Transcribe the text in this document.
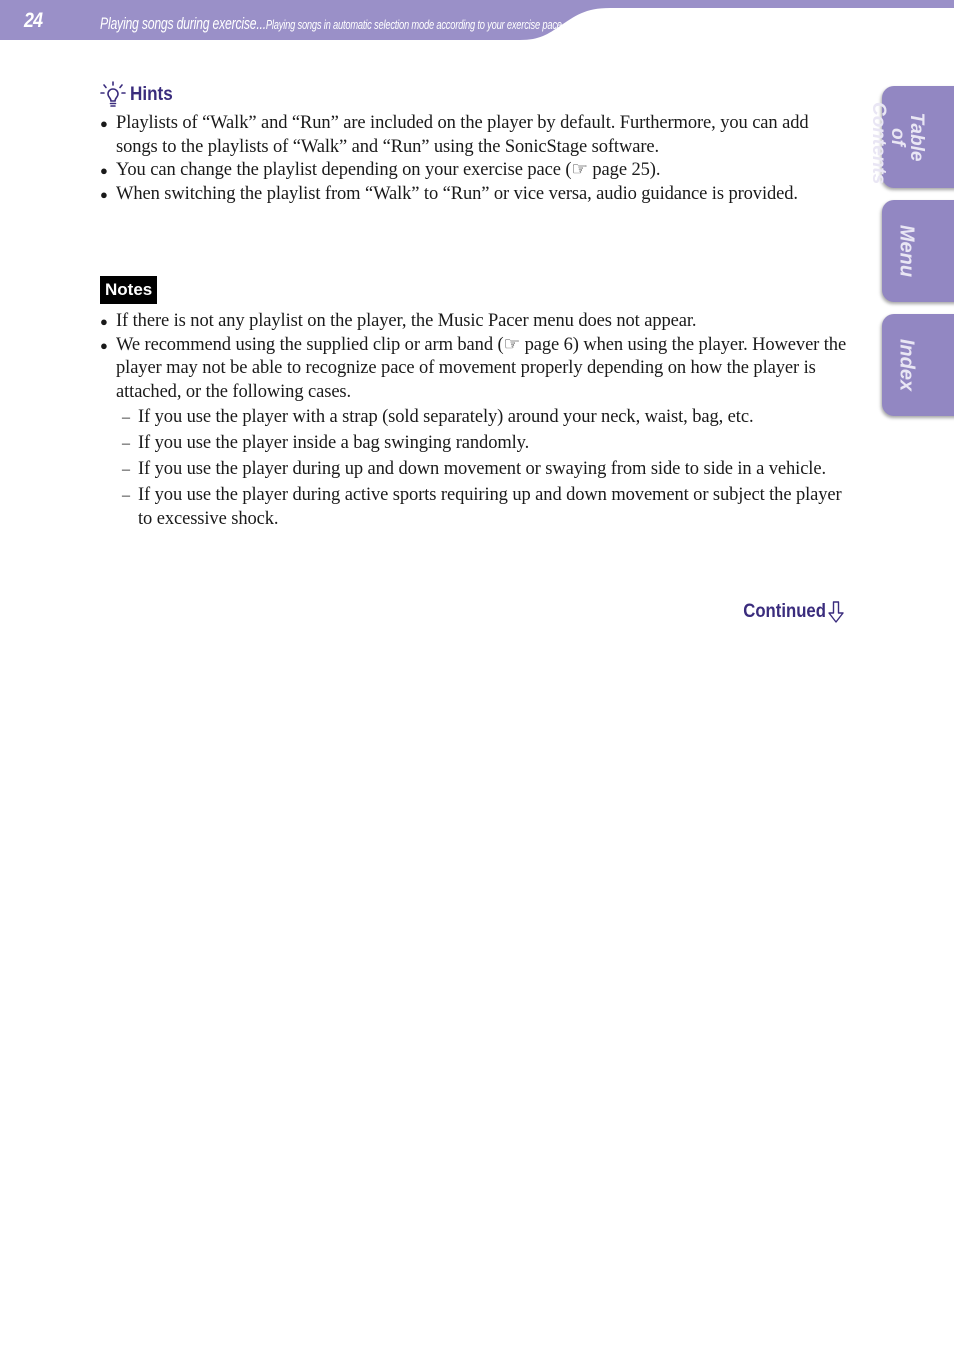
24	Playing songs during exercise...Playing songs in automatic selection mode according to your exercise pace
Table of Contents
Menu
Index
Hints
● Playlists of “Walk” and “Run” are included on the player by default. Furthermore, you can add songs to the playlists of “Walk” and “Run” using the SonicStage software.
● You can change the playlist depending on your exercise pace (☞ page 25).
● When switching the playlist from “Walk” to “Run” or vice versa, audio guidance is provided.
Notes
● If there is not any playlist on the player, the Music Pacer menu does not appear.
● We recommend using the supplied clip or arm band (☞ page 6) when using the player. However the player may not be able to recognize pace of movement properly depending on how the player is attached, or the following cases.
– If you use the player with a strap (sold separately) around your neck, waist, bag, etc.
– If you use the player inside a bag swinging randomly.
– If you use the player during up and down movement or swaying from side to side in a vehicle.
– If you use the player during active sports requiring up and down movement or subject the player to excessive shock.
Continued
